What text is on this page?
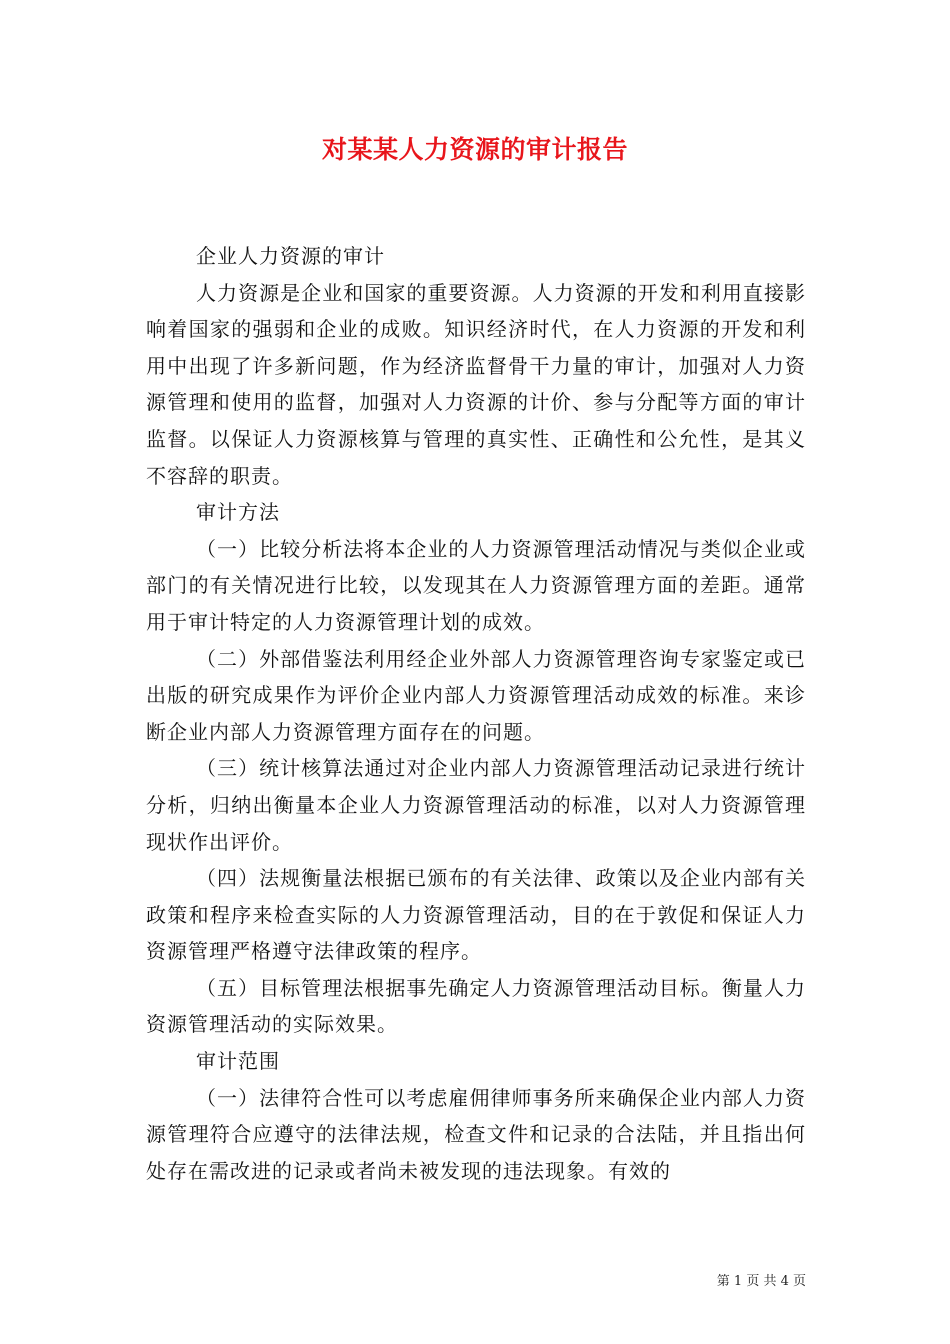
对某某人力资源的审计报告

企业人力资源的审计

人力资源是企业和国家的重要资源。人力资源的开发和利用直接影响着国家的强弱和企业的成败。知识经济时代，在人力资源的开发和利用中出现了许多新问题，作为经济监督骨干力量的审计，加强对人力资源管理和使用的监督，加强对人力资源的计价、参与分配等方面的审计监督。以保证人力资源核算与管理的真实性、正确性和公允性，是其义不容辞的职责。

审计方法

（一）比较分析法将本企业的人力资源管理活动情况与类似企业或部门的有关情况进行比较，以发现其在人力资源管理方面的差距。通常用于审计特定的人力资源管理计划的成效。

（二）外部借鉴法利用经企业外部人力资源管理咨询专家鉴定或已出版的研究成果作为评价企业内部人力资源管理活动成效的标准。来诊断企业内部人力资源管理方面存在的问题。

（三）统计核算法通过对企业内部人力资源管理活动记录进行统计分析，归纳出衡量本企业人力资源管理活动的标准，以对人力资源管理现状作出评价。

（四）法规衡量法根据已颁布的有关法律、政策以及企业内部有关政策和程序来检查实际的人力资源管理活动，目的在于敦促和保证人力资源管理严格遵守法律政策的程序。

（五）目标管理法根据事先确定人力资源管理活动目标。衡量人力资源管理活动的实际效果。

审计范围

（一）法律符合性可以考虑雇佣律师事务所来确保企业内部人力资源管理符合应遵守的法律法规，检查文件和记录的合法陆，并且指出何处存在需改进的记录或者尚未被发现的违法现象。有效的

第 1 页 共 4 页
